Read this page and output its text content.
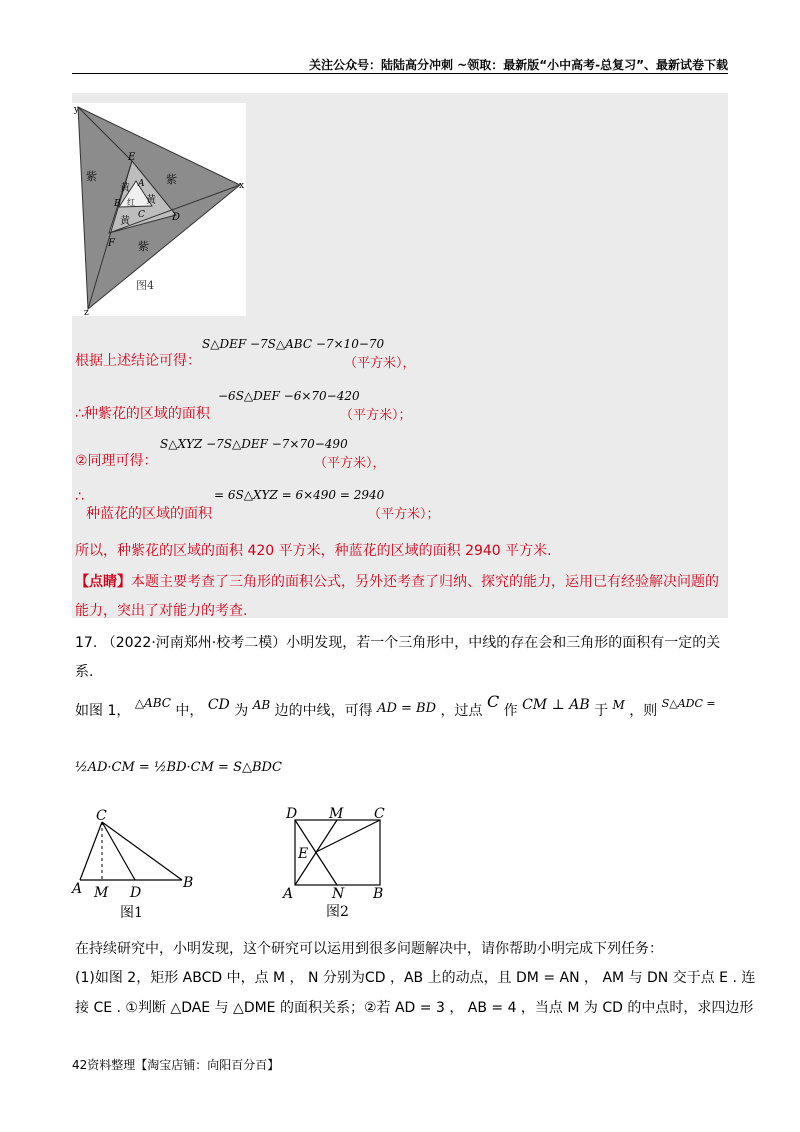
关注公众号：陆陆高分冲刺 ~领取：最新版“小中高考-总复习”、最新试卷下载
y
x
z
E
A
B
C	D
F
紫	紫
紫
黄
黄
黄
红
图4
根据上述结论可得：
S△DEF −7S△ABC −7×10−70
（平方米），
∴种紫花的区域的面积
−6S△DEF −6×70−420
（平方米）；
②同理可得：
S△XYZ −7S△DEF −7×70−490
（平方米），
∴
种蓝花的区域的面积
= 6S△XYZ = 6×490 = 2940
（平方米）；
所以，种紫花的区域的面积 420 平方米，种蓝花的区域的面积 2940 平方米.
【点睛】本题主要考查了三角形的面积公式，另外还考查了归纳、探究的能力，运用已有经验解决问题的
能力，突出了对能力的考查.
17. （2022·河南郑州·校考二模）小明发现，若一个三角形中，中线的存在会和三角形的面积有一定的关
系.
如图 1， △ABC 中， CD 为 AB 边的中线，可得 AD = BD ，过点 C 作 CM ⊥ AB 于 M ，则 $^{S\triangle ADC =}$
½AD·CM = ½BD·CM = S△BDC
C
A M D
B
图1
D M C
E
A	N B
图2
在持续研究中，小明发现，这个研究可以运用到很多问题解决中，请你帮助小明完成下列任务：
(1)如图 2，矩形 ABCD 中，点 M ， N 分别为CD ，AB 上的动点，且 DM = AN ， AM 与 DN 交于点 E . 连
接 CE . ①判断 △DAE 与 △DME 的面积关系；②若 AD = 3 ， AB = 4 ，当点 M 为 CD 的中点时，求四边形
42资料整理【淘宝店铺：向阳百分百】
